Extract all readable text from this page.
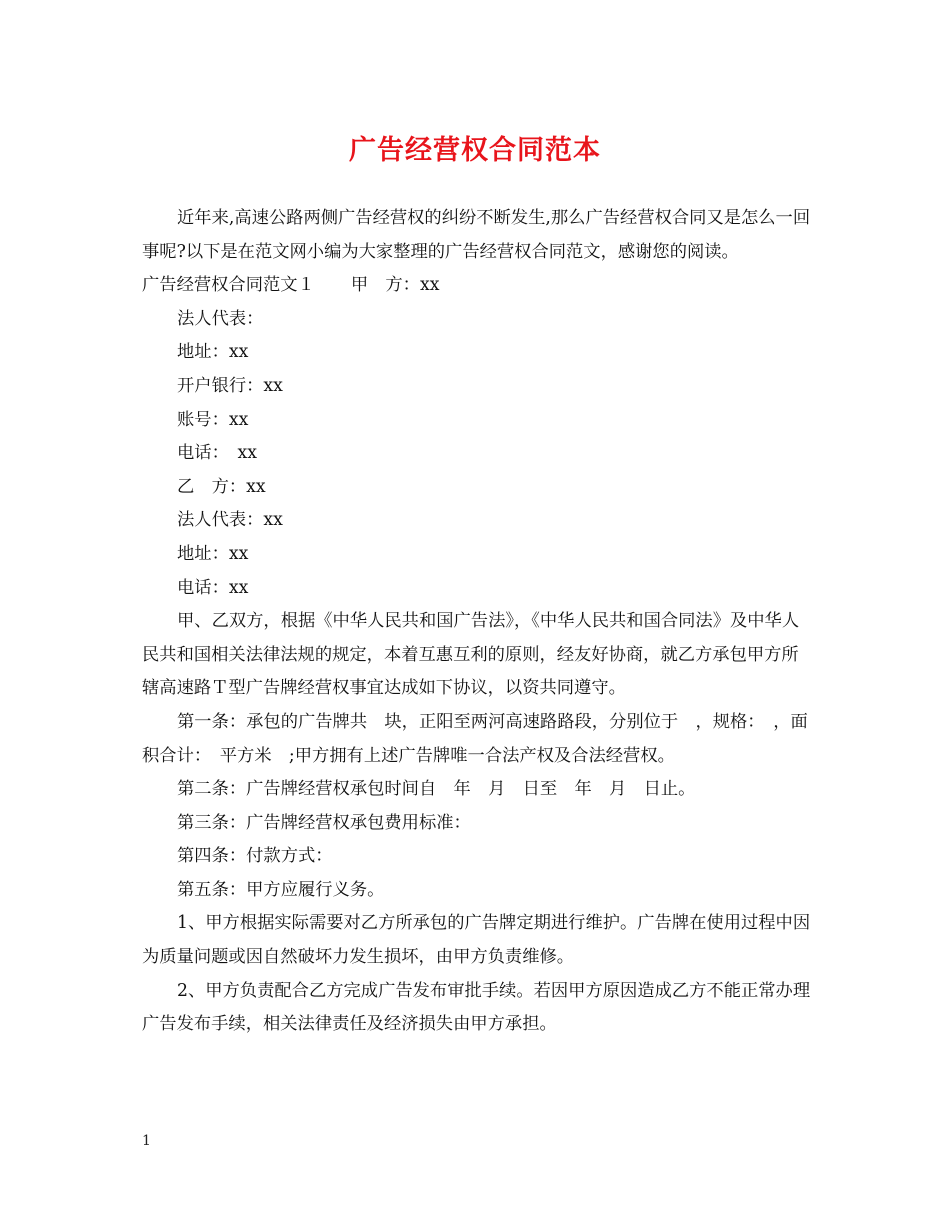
广告经营权合同范本

近年来,高速公路两侧广告经营权的纠纷不断发生,那么广告经营权合同又是怎么一回事呢?以下是在范文网小编为大家整理的广告经营权合同范文，感谢您的阅读。

广告经营权合同范文１ 甲　方：xx

法人代表：

地址：xx

开户银行：xx

账号：xx

电话：　xx

乙　方：xx

法人代表：xx

地址：xx

电话：xx

甲、乙双方，根据《中华人民共和国广告法》，《中华人民共和国合同法》及中华人民共和国相关法律法规的规定，本着互惠互利的原则，经友好协商，就乙方承包甲方所辖高速路Ｔ型广告牌经营权事宜达成如下协议，以资共同遵守。

第一条：承包的广告牌共　块，正阳至两河高速路路段，分别位于　，规格：　，面积合计：　平方米　;甲方拥有上述广告牌唯一合法产权及合法经营权。

第二条：广告牌经营权承包时间自　年　月　日至　年　月　日止。

第三条：广告牌经营权承包费用标准：

第四条：付款方式：

第五条：甲方应履行义务。

1、甲方根据实际需要对乙方所承包的广告牌定期进行维护。广告牌在使用过程中因为质量问题或因自然破坏力发生损坏，由甲方负责维修。

2、甲方负责配合乙方完成广告发布审批手续。若因甲方原因造成乙方不能正常办理广告发布手续，相关法律责任及经济损失由甲方承担。

1
